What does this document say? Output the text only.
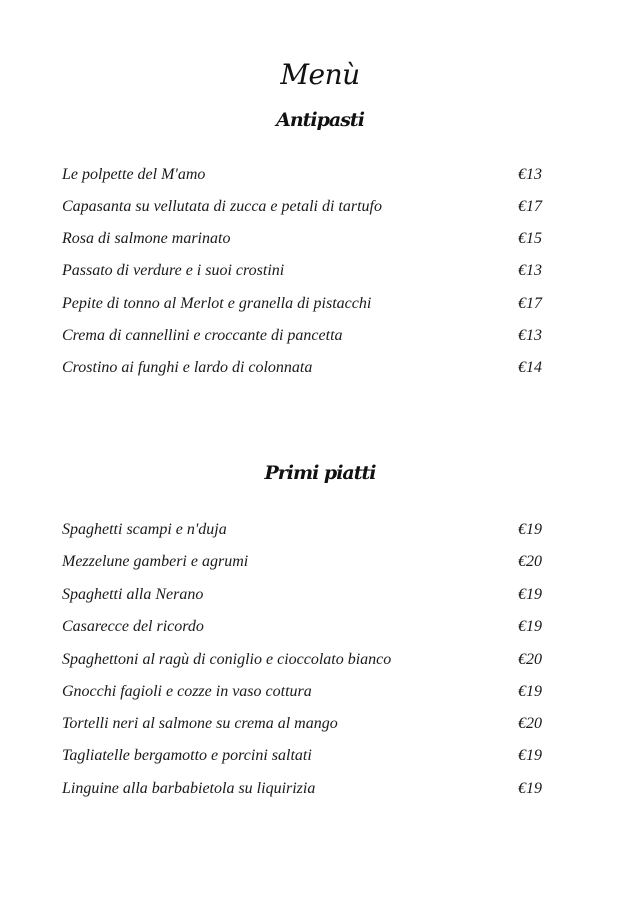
Menù
Antipasti
Le polpette del M'amo	€13
Capasanta su vellutata di zucca e petali di tartufo	€17
Rosa di salmone marinato	€15
Passato di verdure e i suoi crostini	€13
Pepite di tonno al Merlot e granella di pistacchi	€17
Crema di cannellini e croccante di pancetta	€13
Crostino ai funghi e lardo di colonnata	€14
Primi piatti
Spaghetti scampi e n'duja	€19
Mezzelune gamberi e agrumi	€20
Spaghetti alla Nerano	€19
Casarecce del ricordo	€19
Spaghettoni al ragù di coniglio e cioccolato bianco	€20
Gnocchi fagioli e cozze in vaso cottura	€19
Tortelli neri al salmone su crema al mango	€20
Tagliatelle bergamotto e porcini saltati	€19
Linguine alla barbabietola su liquirizia	€19
